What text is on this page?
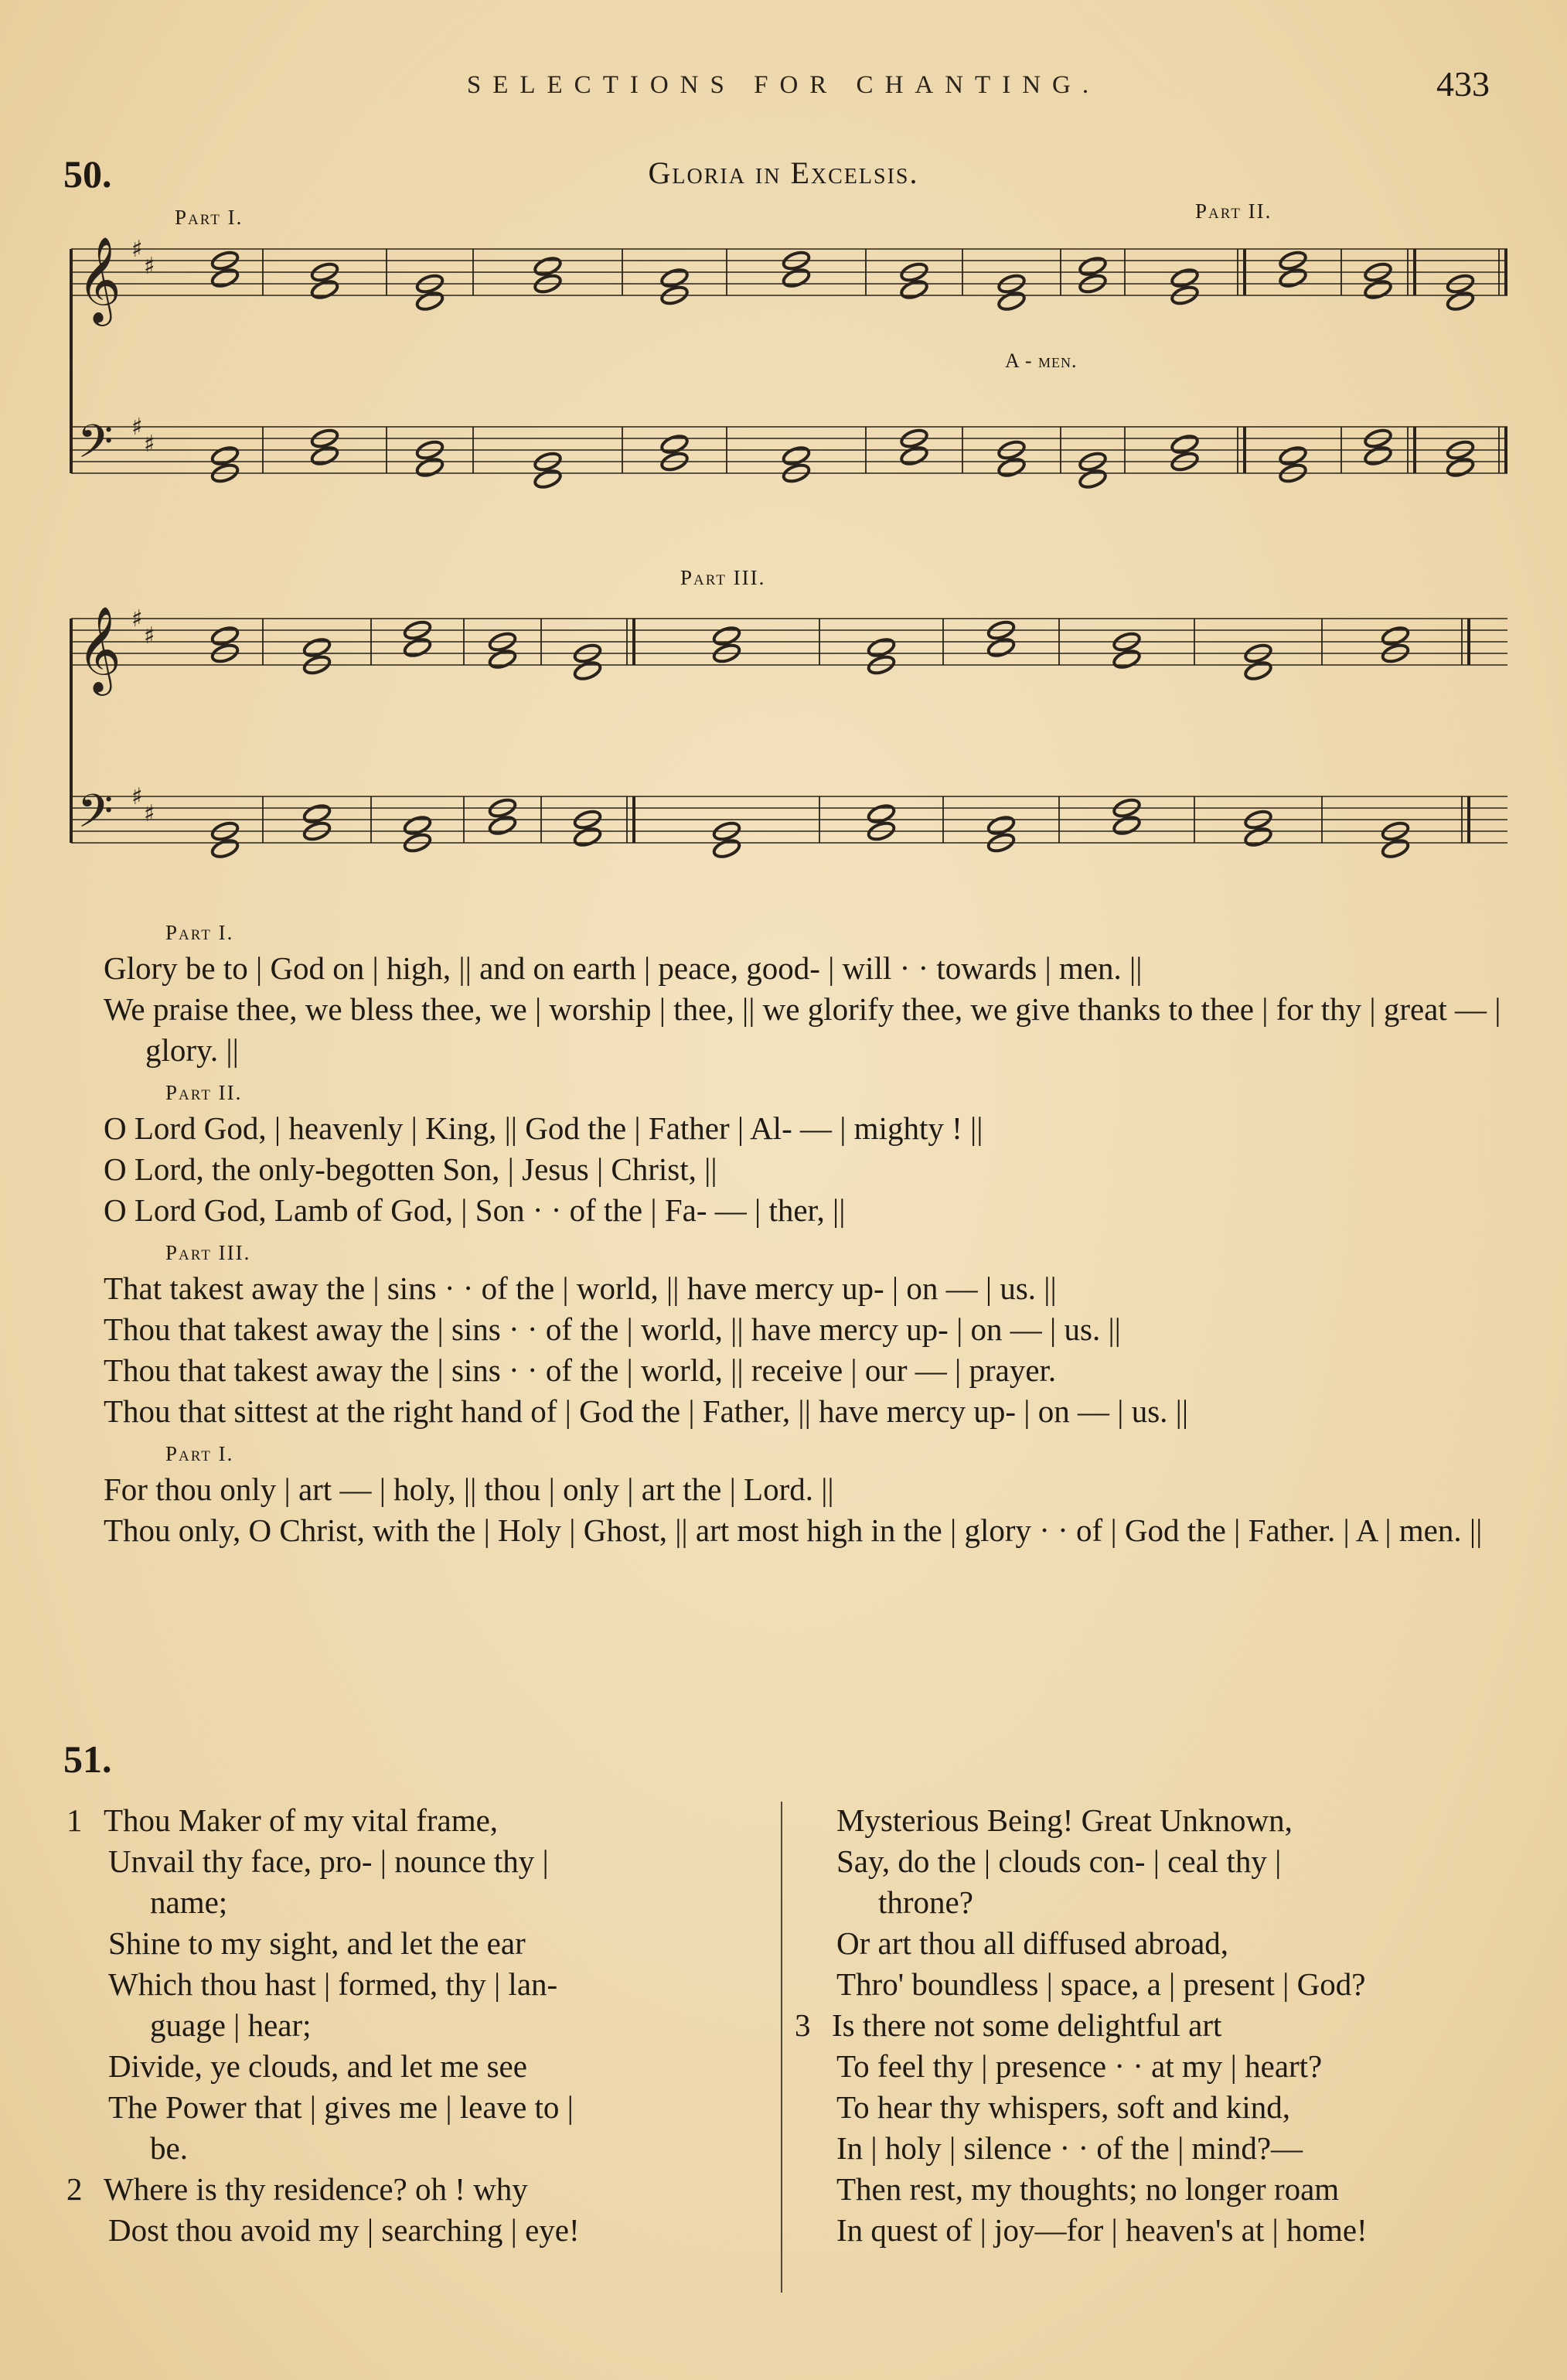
SELECTIONS FOR CHANTING.	433
50.	Gloria in Excelsis.
Part I.	Part II.
Part III.
A - men.
𝄞 ♯
♯
𝄢 ♯
♯
𝄞 ♯
♯
𝄢 ♯
♯
Part I.
Glory be to | God on | high, || and on earth | peace, good- | will · · towards | men. ||
We praise thee, we bless thee, we | worship | thee, || we glorify thee, we give thanks to thee | for thy | great — | glory. ||
Part II.
O Lord God, | heavenly | King, || God the | Father | Al- — | mighty ! ||
O Lord, the only-begotten Son, | Jesus | Christ, ||
O Lord God, Lamb of God, | Son · · of the | Fa- — | ther, ||
Part III.
That takest away the | sins · · of the | world, || have mercy up- | on — | us. ||
Thou that takest away the | sins · · of the | world, || have mercy up- | on — | us. ||
Thou that takest away the | sins · · of the | world, || receive | our — | prayer.
Thou that sittest at the right hand of | God the | Father, || have mercy up- | on — | us. ||
Part I.
For thou only | art — | holy, || thou | only | art the | Lord. ||
Thou only, O Christ, with the | Holy | Ghost, || art most high in the | glory · · of | God the | Father. | A | men. ||
51.
1 Thou Maker of my vital frame,
Unvail thy face, pro- | nounce thy |
name;
Shine to my sight, and let the ear
Which thou hast | formed, thy | lan-
guage | hear;
Divide, ye clouds, and let me see
The Power that | gives me | leave to |
be.
2 Where is thy residence? oh ! why
Dost thou avoid my | searching | eye!
Mysterious Being! Great Unknown,
Say, do the | clouds con- | ceal thy |
throne?
Or art thou all diffused abroad,
Thro' boundless | space, a | present | God?
3 Is there not some delightful art
To feel thy | presence · · at my | heart?
To hear thy whispers, soft and kind,
In | holy | silence · · of the | mind?—
Then rest, my thoughts; no longer roam
In quest of | joy—for | heaven's at | home!
